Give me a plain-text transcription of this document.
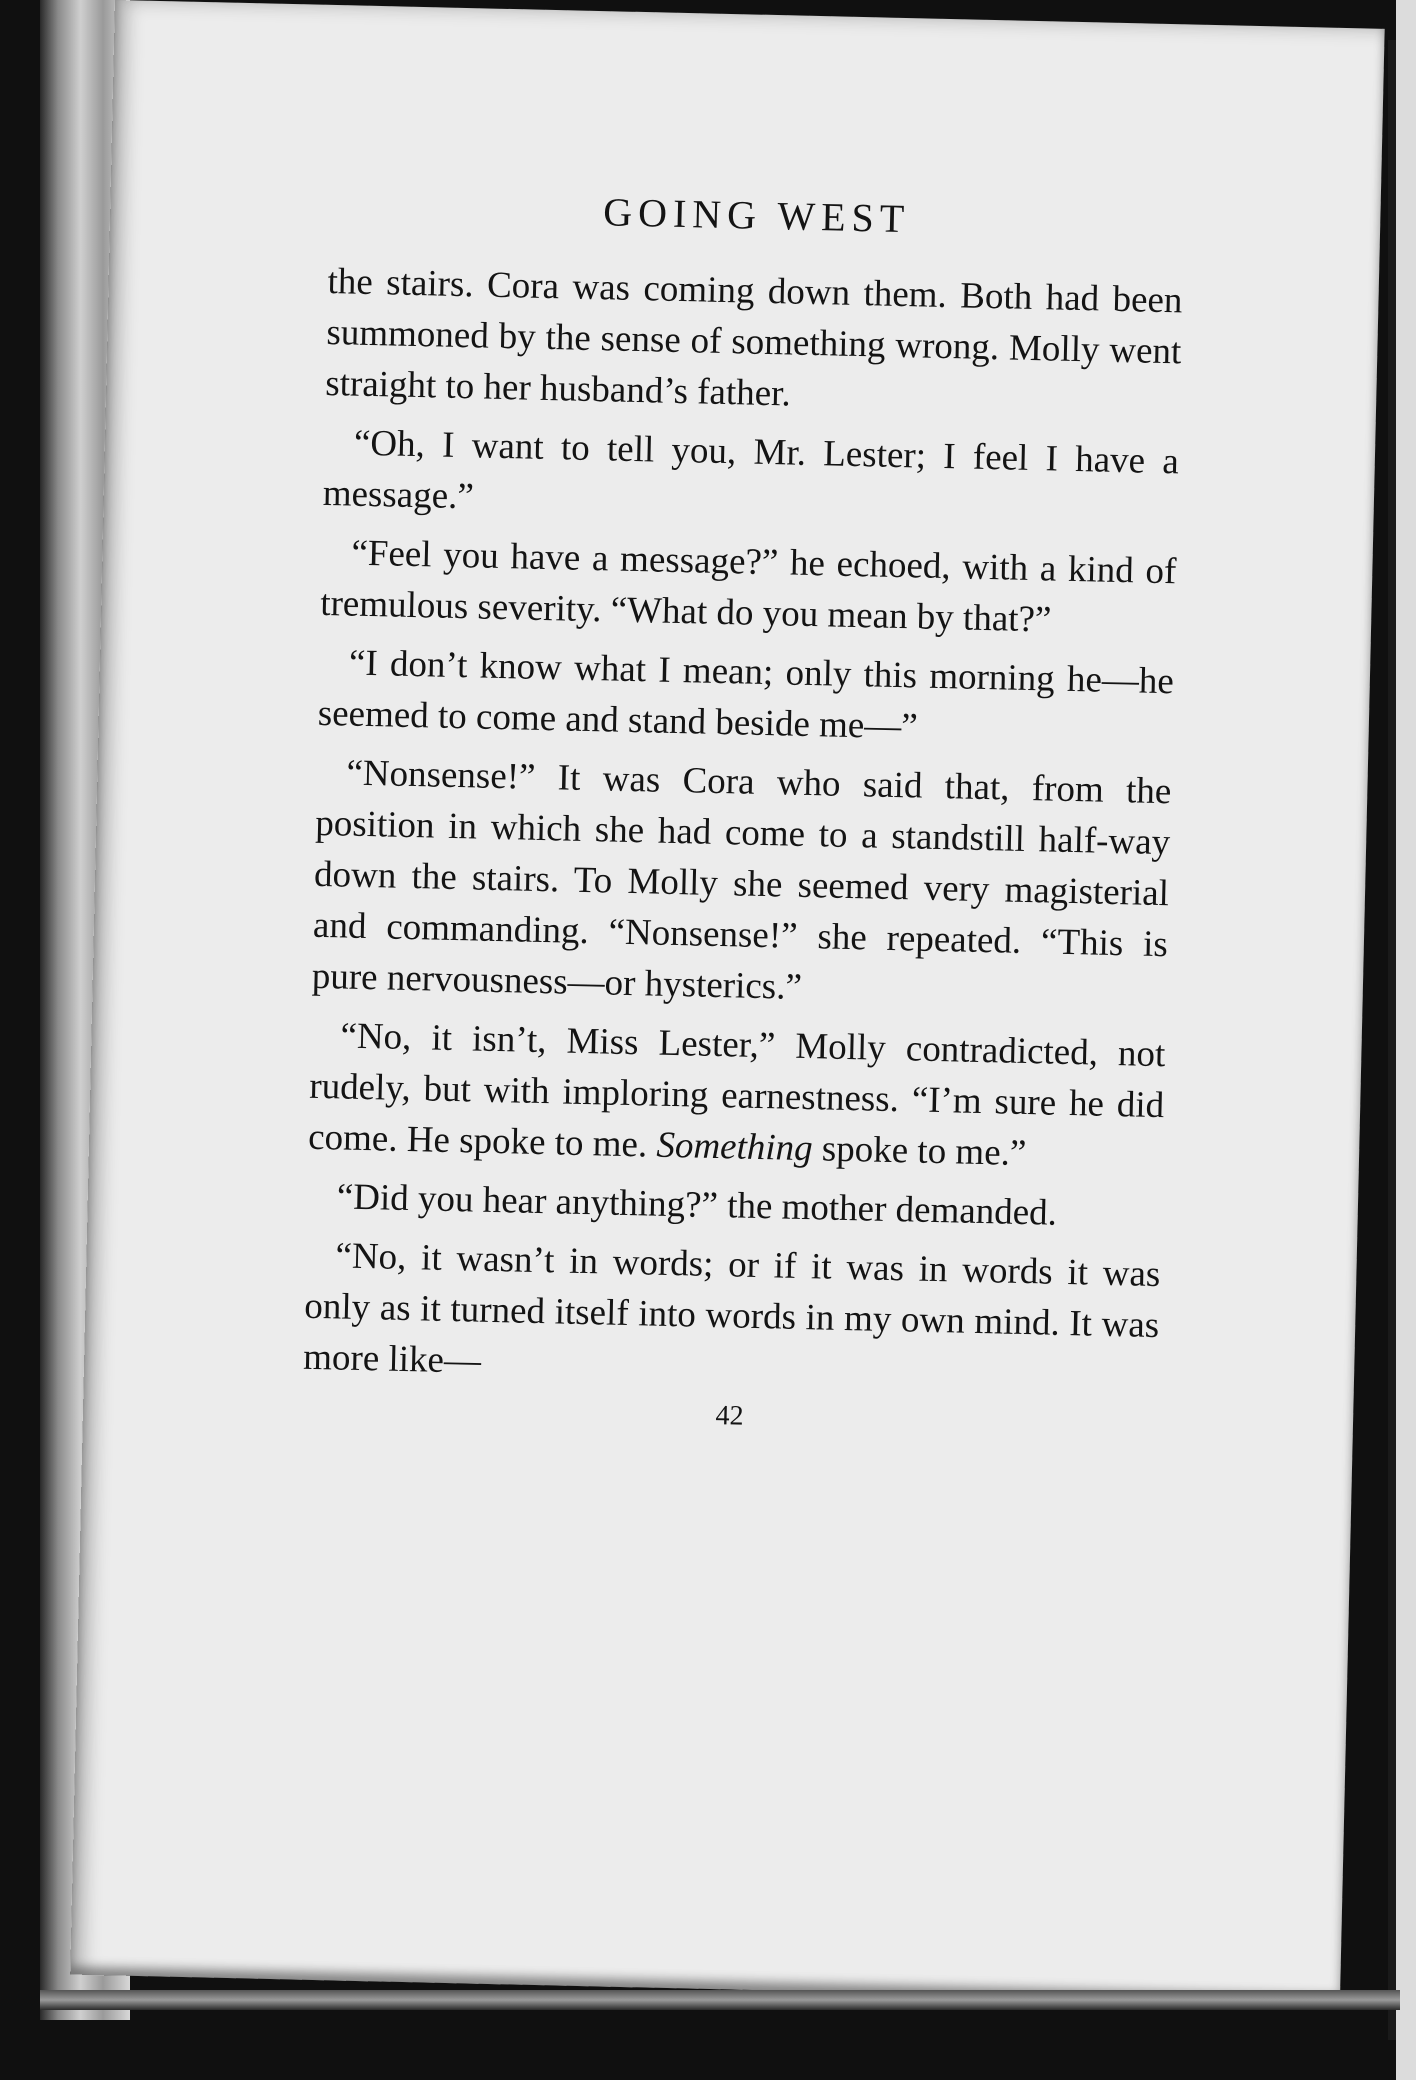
GOING WEST

the stairs. Cora was coming down them. Both had been summoned by the sense of something wrong. Molly went straight to her husband’s father.

“Oh, I want to tell you, Mr. Lester; I feel I have a message.”

“Feel you have a message?” he echoed, with a kind of tremulous severity. “What do you mean by that?”

“I don’t know what I mean; only this morning he—he seemed to come and stand beside me—”

“Nonsense!” It was Cora who said that, from the position in which she had come to a standstill half-way down the stairs. To Molly she seemed very magisterial and commanding. “Nonsense!” she repeated. “This is pure nervousness—or hysterics.”

“No, it isn’t, Miss Lester,” Molly contradicted, not rudely, but with imploring earnestness. “I’m sure he did come. He spoke to me. Something spoke to me.”

“Did you hear anything?” the mother demanded.

“No, it wasn’t in words; or if it was in words it was only as it turned itself into words in my own mind. It was more like—

42
